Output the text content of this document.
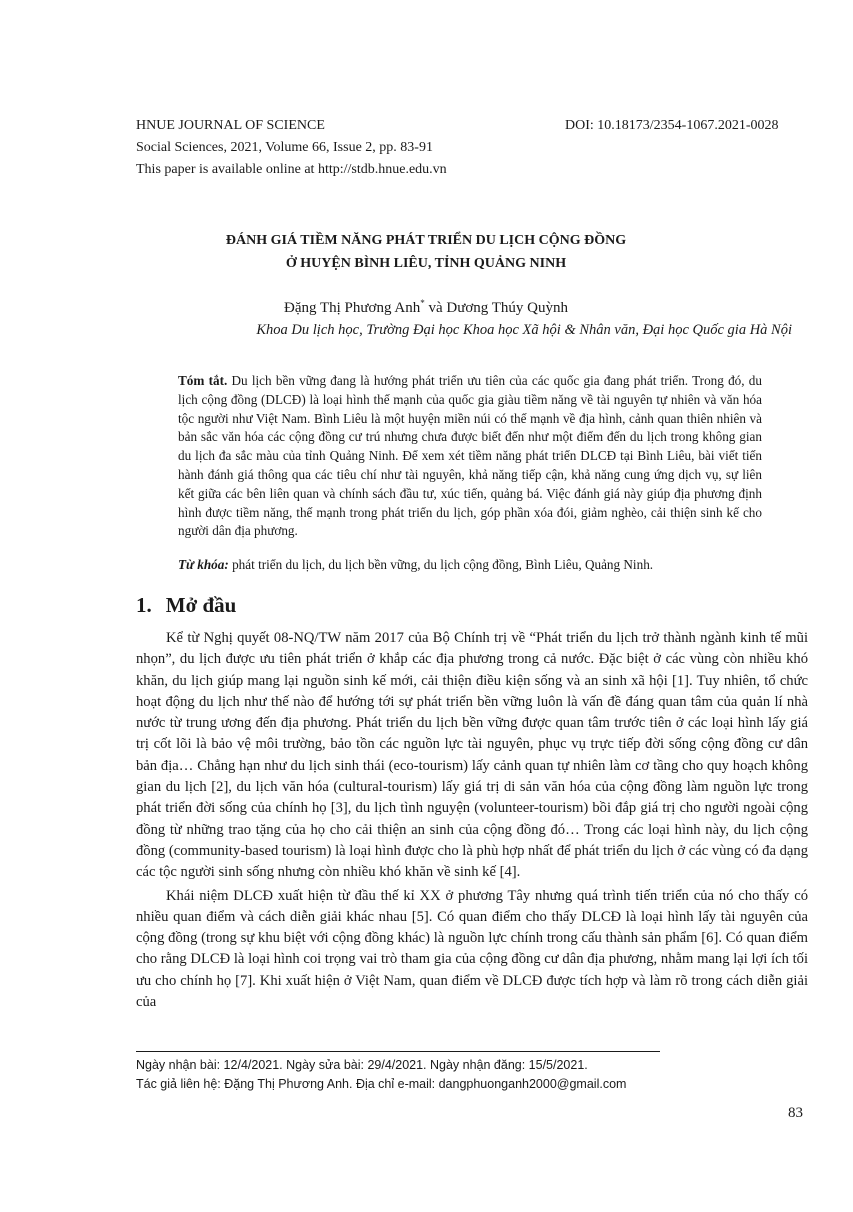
HNUE JOURNAL OF SCIENCE	DOI: 10.18173/2354-1067.2021-0028
Social Sciences, 2021, Volume 66, Issue 2, pp. 83-91
This paper is available online at http://stdb.hnue.edu.vn
ĐÁNH GIÁ TIỀM NĂNG PHÁT TRIỂN DU LỊCH CỘNG ĐỒNG
Ở HUYỆN BÌNH LIÊU, TỈNH QUẢNG NINH
Đặng Thị Phương Anh* và Dương Thúy Quỳnh
Khoa Du lịch học, Trường Đại học Khoa học Xã hội & Nhân văn, Đại học Quốc gia Hà Nội
Tóm tắt. Du lịch bền vững đang là hướng phát triển ưu tiên của các quốc gia đang phát triển. Trong đó, du lịch cộng đồng (DLCĐ) là loại hình thế mạnh của quốc gia giàu tiềm năng về tài nguyên tự nhiên và văn hóa tộc người như Việt Nam. Bình Liêu là một huyện miền núi có thế mạnh về địa hình, cảnh quan thiên nhiên và bản sắc văn hóa các cộng đồng cư trú nhưng chưa được biết đến như một điểm đến du lịch trong không gian du lịch đa sắc màu của tỉnh Quảng Ninh. Để xem xét tiềm năng phát triển DLCĐ tại Bình Liêu, bài viết tiến hành đánh giá thông qua các tiêu chí như tài nguyên, khả năng tiếp cận, khả năng cung ứng dịch vụ, sự liên kết giữa các bên liên quan và chính sách đầu tư, xúc tiến, quảng bá. Việc đánh giá này giúp địa phương định hình được tiềm năng, thế mạnh trong phát triển du lịch, góp phần xóa đói, giảm nghèo, cải thiện sinh kế cho người dân địa phương.
Từ khóa: phát triển du lịch, du lịch bền vững, du lịch cộng đồng, Bình Liêu, Quảng Ninh.
1. Mở đầu

Kể từ Nghị quyết 08-NQ/TW năm 2017 của Bộ Chính trị về “Phát triển du lịch trở thành ngành kinh tế mũi nhọn”, du lịch được ưu tiên phát triển ở khắp các địa phương trong cả nước. Đặc biệt ở các vùng còn nhiều khó khăn, du lịch giúp mang lại nguồn sinh kế mới, cải thiện điều kiện sống và an sinh xã hội [1]. Tuy nhiên, tổ chức hoạt động du lịch như thế nào để hướng tới sự phát triển bền vững luôn là vấn đề đáng quan tâm của quản lí nhà nước từ trung ương đến địa phương. Phát triển du lịch bền vững được quan tâm trước tiên ở các loại hình lấy giá trị cốt lõi là bảo vệ môi trường, bảo tồn các nguồn lực tài nguyên, phục vụ trực tiếp đời sống cộng đồng cư dân bản địa… Chẳng hạn như du lịch sinh thái (eco-tourism) lấy cảnh quan tự nhiên làm cơ tầng cho quy hoạch không gian du lịch [2], du lịch văn hóa (cultural-tourism) lấy giá trị di sản văn hóa của cộng đồng làm nguồn lực trong phát triển đời sống của chính họ [3], du lịch tình nguyện (volunteer-tourism) bồi đắp giá trị cho người ngoài cộng đồng từ những trao tặng của họ cho cải thiện an sinh của cộng đồng đó… Trong các loại hình này, du lịch cộng đồng (community-based tourism) là loại hình được cho là phù hợp nhất để phát triển du lịch ở các vùng có đa dạng các tộc người sinh sống nhưng còn nhiều khó khăn về sinh kế [4].

Khái niệm DLCĐ xuất hiện từ đầu thế kỉ XX ở phương Tây nhưng quá trình tiến triển của nó cho thấy có nhiều quan điểm và cách diễn giải khác nhau [5]. Có quan điểm cho thấy DLCĐ là loại hình lấy tài nguyên của cộng đồng (trong sự khu biệt với cộng đồng khác) là nguồn lực chính trong cấu thành sản phẩm [6]. Có quan điểm cho rằng DLCĐ là loại hình coi trọng vai trò tham gia của cộng đồng cư dân địa phương, nhằm mang lại lợi ích tối ưu cho chính họ [7]. Khi xuất hiện ở Việt Nam, quan điểm về DLCĐ được tích hợp và làm rõ trong cách diễn giải của

Ngày nhận bài: 12/4/2021. Ngày sửa bài: 29/4/2021. Ngày nhận đăng: 15/5/2021.
Tác giả liên hệ: Đặng Thị Phương Anh. Địa chỉ e-mail: dangphuonganh2000@gmail.com
83
